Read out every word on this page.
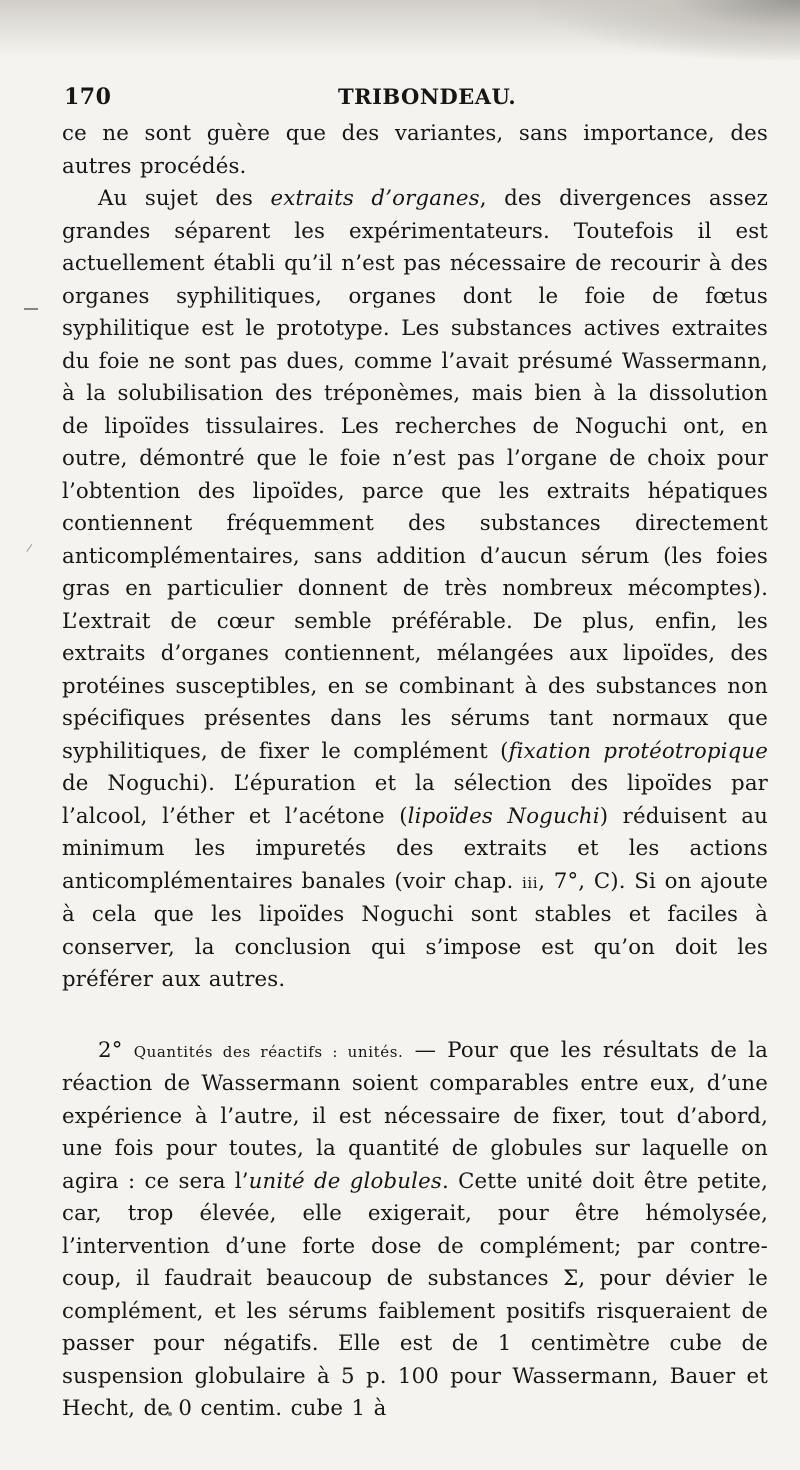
170	TRIBONDEAU.

ce ne sont guère que des variantes, sans importance, des autres procédés.

Au sujet des extraits d’organes, des divergences assez grandes séparent les expérimentateurs. Toutefois il est actuellement établi qu’il n’est pas nécessaire de recourir à des organes syphilitiques, organes dont le foie de fœtus syphilitique est le prototype. Les substances actives extraites du foie ne sont pas dues, comme l’avait présumé Wassermann, à la solubilisation des tréponèmes, mais bien à la dissolution de lipoïdes tissulaires. Les recherches de Noguchi ont, en outre, démontré que le foie n’est pas l’organe de choix pour l’obtention des lipoïdes, parce que les extraits hépatiques contiennent fréquemment des substances directement anticomplémentaires, sans addition d’aucun sérum (les foies gras en particulier donnent de très nombreux mécomptes). L’extrait de cœur semble préférable. De plus, enfin, les extraits d’organes contiennent, mélangées aux lipoïdes, des protéines susceptibles, en se combinant à des substances non spécifiques présentes dans les sérums tant normaux que syphilitiques, de fixer le complément (fixation protéotropique de Noguchi). L’épuration et la sélection des lipoïdes par l’alcool, l’éther et l’acétone (lipoïdes Noguchi) réduisent au minimum les impuretés des extraits et les actions anticomplémentaires banales (voir chap. iii, 7°, C). Si on ajoute à cela que les lipoïdes Noguchi sont stables et faciles à conserver, la conclusion qui s’impose est qu’on doit les préférer aux autres.

2° Quantités des réactifs : unités. — Pour que les résultats de la réaction de Wassermann soient comparables entre eux, d’une expérience à l’autre, il est nécessaire de fixer, tout d’abord, une fois pour toutes, la quantité de globules sur laquelle on agira : ce sera l’unité de globules. Cette unité doit être petite, car, trop élevée, elle exigerait, pour être hémolysée, l’intervention d’une forte dose de complément; par contre-coup, il faudrait beaucoup de substances Σ, pour dévier le complément, et les sérums faiblement positifs risqueraient de passer pour négatifs. Elle est de 1 centimètre cube de suspension globulaire à 5 p. 100 pour Wassermann, Bauer et Hecht, de 0 centim. cube 1 à
